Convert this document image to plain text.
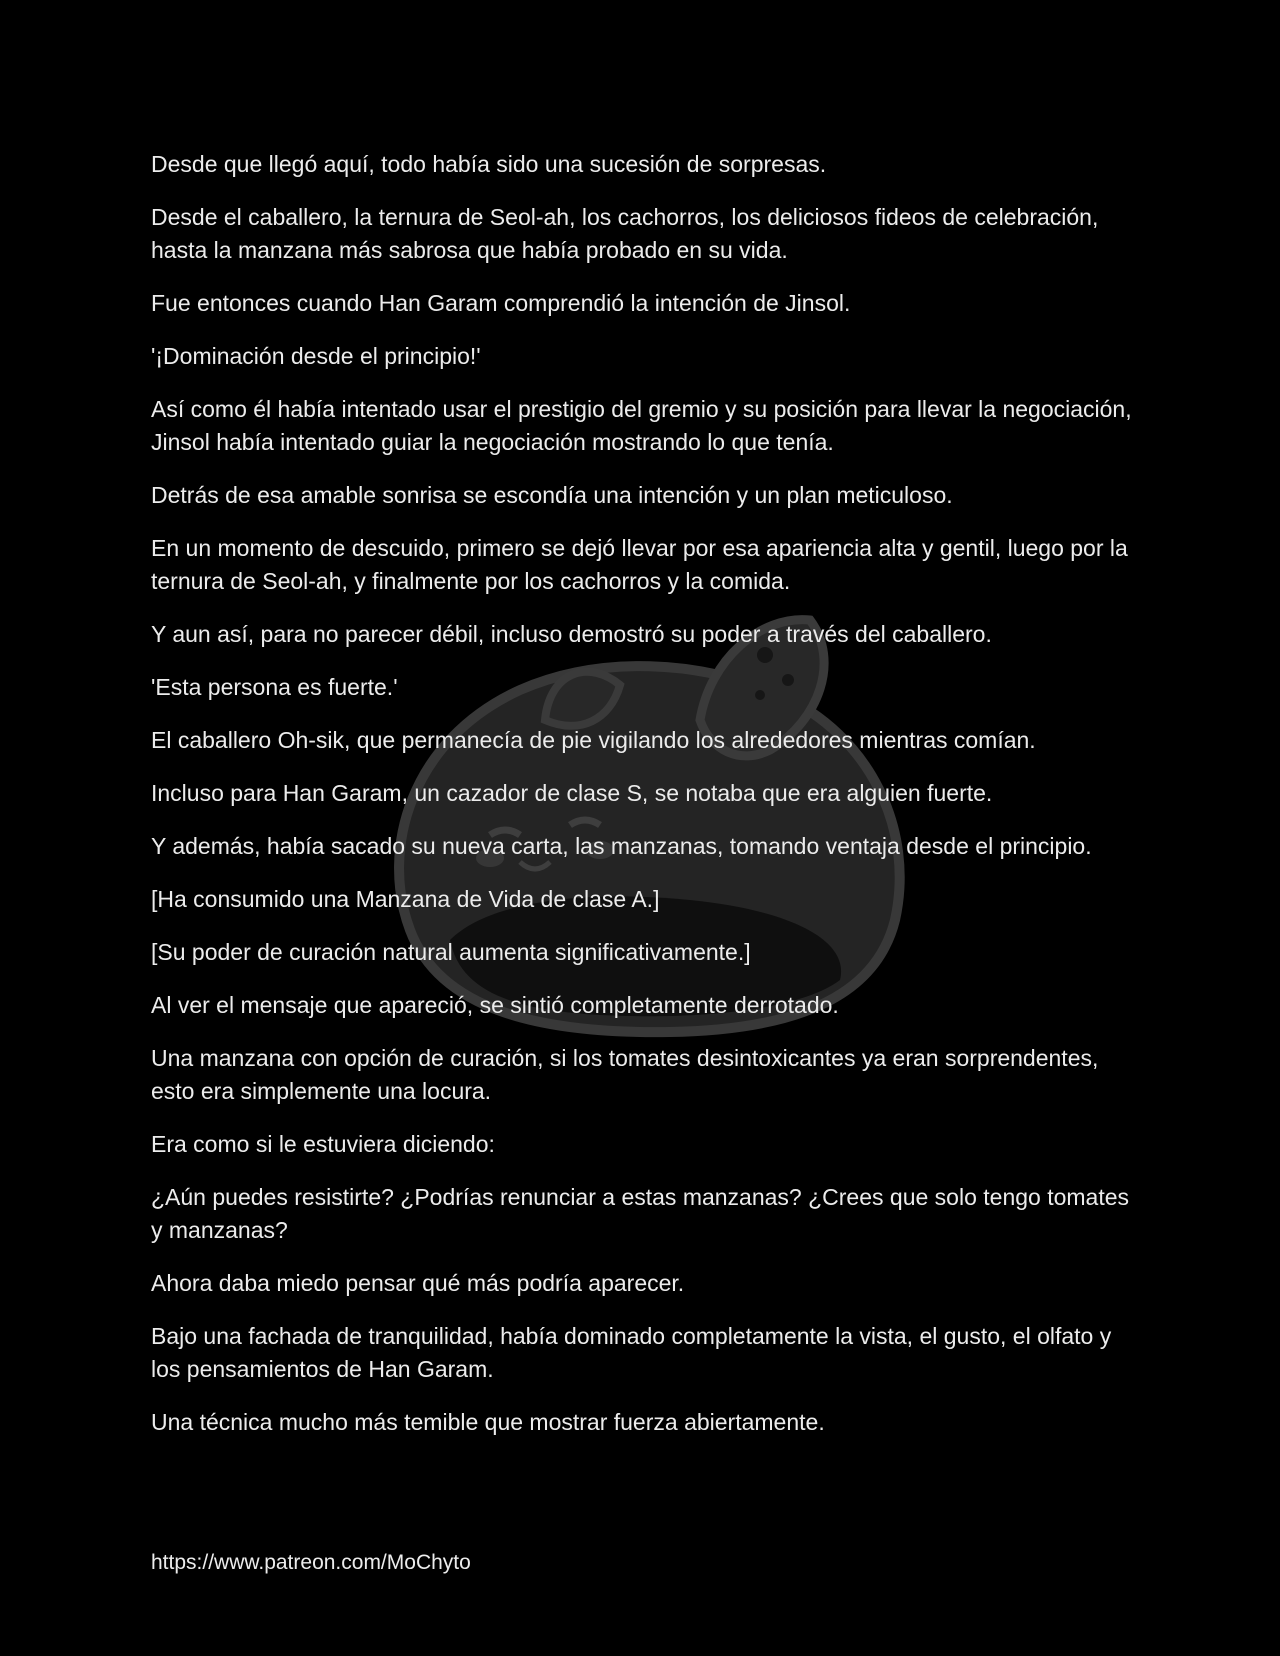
Desde que llegó aquí, todo había sido una sucesión de sorpresas.

Desde el caballero, la ternura de Seol-ah, los cachorros, los deliciosos fideos de celebración, hasta la manzana más sabrosa que había probado en su vida.

Fue entonces cuando Han Garam comprendió la intención de Jinsol.

'¡Dominación desde el principio!'

Así como él había intentado usar el prestigio del gremio y su posición para llevar la negociación, Jinsol había intentado guiar la negociación mostrando lo que tenía.

Detrás de esa amable sonrisa se escondía una intención y un plan meticuloso.

En un momento de descuido, primero se dejó llevar por esa apariencia alta y gentil, luego por la ternura de Seol-ah, y finalmente por los cachorros y la comida.

Y aun así, para no parecer débil, incluso demostró su poder a través del caballero.

'Esta persona es fuerte.'

El caballero Oh-sik, que permanecía de pie vigilando los alrededores mientras comían.

Incluso para Han Garam, un cazador de clase S, se notaba que era alguien fuerte.

Y además, había sacado su nueva carta, las manzanas, tomando ventaja desde el principio.

[Ha consumido una Manzana de Vida de clase A.]

[Su poder de curación natural aumenta significativamente.]

Al ver el mensaje que apareció, se sintió completamente derrotado.

Una manzana con opción de curación, si los tomates desintoxicantes ya eran sorprendentes, esto era simplemente una locura.

Era como si le estuviera diciendo:

¿Aún puedes resistirte? ¿Podrías renunciar a estas manzanas? ¿Crees que solo tengo tomates y manzanas?

Ahora daba miedo pensar qué más podría aparecer.

Bajo una fachada de tranquilidad, había dominado completamente la vista, el gusto, el olfato y los pensamientos de Han Garam.

Una técnica mucho más temible que mostrar fuerza abiertamente.

https://www.patreon.com/MoChyto
